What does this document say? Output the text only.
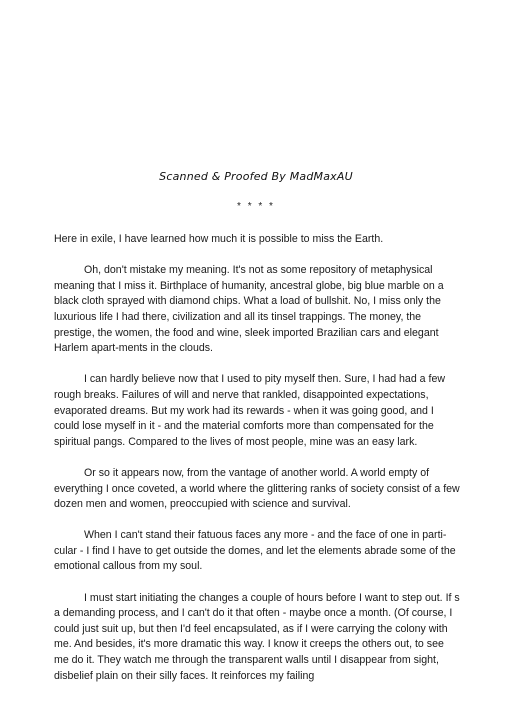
Scanned & Proofed By MadMaxAU
* * * *

Here in exile, I have learned how much it is possible to miss the Earth.

Oh, don't mistake my meaning. It's not as some repository of metaphysical meaning that I miss it. Birthplace of humanity, ancestral globe, big blue marble on a black cloth sprayed with diamond chips. What a load of bullshit. No, I miss only the luxurious life I had there, civilization and all its tinsel trappings. The money, the prestige, the women, the food and wine, sleek imported Brazilian cars and elegant Harlem apart-ments in the clouds.

I can hardly believe now that I used to pity myself then. Sure, I had had a few rough breaks. Failures of will and nerve that rankled, disappointed expectations, evaporated dreams. But my work had its rewards - when it was going good, and I could lose myself in it - and the material comforts more than compensated for the spiritual pangs. Compared to the lives of most people, mine was an easy lark.

Or so it appears now, from the vantage of another world. A world empty of everything I once coveted, a world where the glittering ranks of society consist of a few dozen men and women, preoccupied with science and survival.

When I can't stand their fatuous faces any more - and the face of one in parti-cular - I find I have to get outside the domes, and let the elements abrade some of the emotional callous from my soul.

I must start initiating the changes a couple of hours before I want to step out. If s a demanding process, and I can't do it that often - maybe once a month. (Of course, I could just suit up, but then I'd feel encapsulated, as if I were carrying the colony with me. And besides, it's more dramatic this way. I know it creeps the others out, to see me do it. They watch me through the transparent walls until I disappear from sight, disbelief plain on their silly faces. It reinforces my failing
